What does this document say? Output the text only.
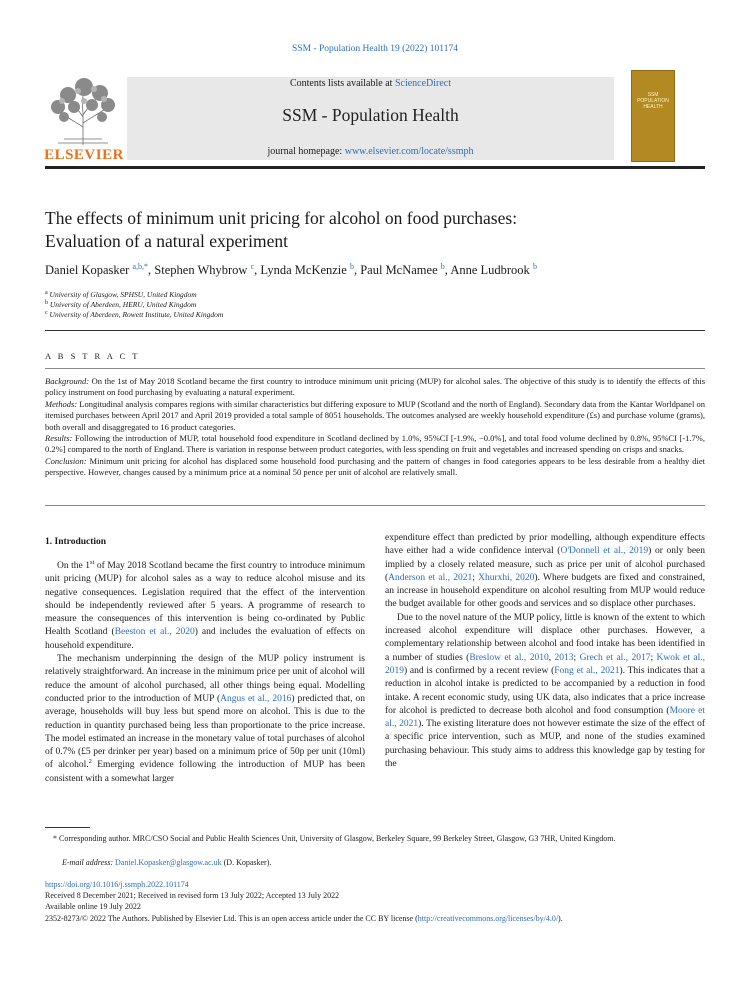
SSM - Population Health 19 (2022) 101174
ELSEVIER
Contents lists available at ScienceDirect
SSM - Population Health
journal homepage: www.elsevier.com/locate/ssmph
SSM
POPULATION
HEALTH
The effects of minimum unit pricing for alcohol on food purchases:
Evaluation of a natural experiment
Daniel Kopasker $^{a,b,*}$, Stephen Whybrow $^c$, Lynda McKenzie $^b$, Paul McNamee $^b$, Anne Ludbrook $^b$
$^a$ University of Glasgow, SPHSU, United Kingdom
$^b$ University of Aberdeen, HERU, United Kingdom
$^c$ University of Aberdeen, Rowett Institute, United Kingdom
A B S T R A C T

Background: On the 1st of May 2018 Scotland became the first country to introduce minimum unit pricing (MUP) for alcohol sales. The objective of this study is to identify the effects of this policy instrument on food purchasing by evaluating a natural experiment.

Methods: Longitudinal analysis compares regions with similar characteristics but differing exposure to MUP (Scotland and the north of England). Secondary data from the Kantar Worldpanel on itemised purchases between April 2017 and April 2019 provided a total sample of 8051 households. The outcomes analysed are weekly household expenditure (£s) and purchase volume (grams), both overall and disaggregated to 16 product categories.

Results: Following the introduction of MUP, total household food expenditure in Scotland declined by 1.0%, 95%CI [-1.9%, −0.0%], and total food volume declined by 0.8%, 95%CI [-1.7%, 0.2%] compared to the north of England. There is variation in response between product categories, with less spending on fruit and vegetables and increased spending on crisps and snacks.

Conclusion: Minimum unit pricing for alcohol has displaced some household food purchasing and the pattern of changes in food categories appears to be less desirable from a healthy diet perspective. However, changes caused by a minimum price at a nominal 50 pence per unit of alcohol are relatively small.

1. Introduction

On the 1st of May 2018 Scotland became the first country to introduce minimum unit pricing (MUP) for alcohol sales as a way to reduce alcohol misuse and its negative consequences. Legislation required that the effect of the intervention should be independently reviewed after 5 years. A programme of research to measure the consequences of this intervention is being co-ordinated by Public Health Scotland (Beeston et al., 2020) and includes the evaluation of effects on household expenditure.

The mechanism underpinning the design of the MUP policy instrument is relatively straightforward. An increase in the minimum price per unit of alcohol will reduce the amount of alcohol purchased, all other things being equal. Modelling conducted prior to the introduction of MUP (Angus et al., 2016) predicted that, on average, households will buy less but spend more on alcohol. This is due to the reduction in quantity purchased being less than proportionate to the price increase. The model estimated an increase in the monetary value of total purchases of alcohol of 0.7% (£5 per drinker per year) based on a minimum price of 50p per unit (10ml) of alcohol.$^2$ Emerging evidence following the introduction of MUP has been consistent with a somewhat larger

expenditure effect than predicted by prior modelling, although expenditure effects have either had a wide confidence interval (O'Donnell et al., 2019) or only been implied by a closely related measure, such as price per unit of alcohol purchased (Anderson et al., 2021; Xhurxhi, 2020). Where budgets are fixed and constrained, an increase in household expenditure on alcohol resulting from MUP would reduce the budget available for other goods and services and so displace other purchases.

Due to the novel nature of the MUP policy, little is known of the extent to which increased alcohol expenditure will displace other purchases. However, a complementary relationship between alcohol and food intake has been identified in a number of studies (Breslow et al., 2010, 2013; Grech et al., 2017; Kwok et al., 2019) and is confirmed by a recent review (Fong et al., 2021). This indicates that a reduction in alcohol intake is predicted to be accompanied by a reduction in food intake. A recent economic study, using UK data, also indicates that a price increase for alcohol is predicted to decrease both alcohol and food consumption (Moore et al., 2021). The existing literature does not however estimate the size of the effect of a specific price intervention, such as MUP, and none of the studies examined purchasing behaviour. This study aims to address this knowledge gap by testing for the

* Corresponding author. MRC/CSO Social and Public Health Sciences Unit, University of Glasgow, Berkeley Square, 99 Berkeley Street, Glasgow, G3 7HR, United Kingdom.
E-mail address: Daniel.Kopasker@glasgow.ac.uk (D. Kopasker).
https://doi.org/10.1016/j.ssmph.2022.101174
Received 8 December 2021; Received in revised form 13 July 2022; Accepted 13 July 2022
Available online 19 July 2022
2352-8273/© 2022 The Authors. Published by Elsevier Ltd. This is an open access article under the CC BY license (http://creativecommons.org/licenses/by/4.0/).
